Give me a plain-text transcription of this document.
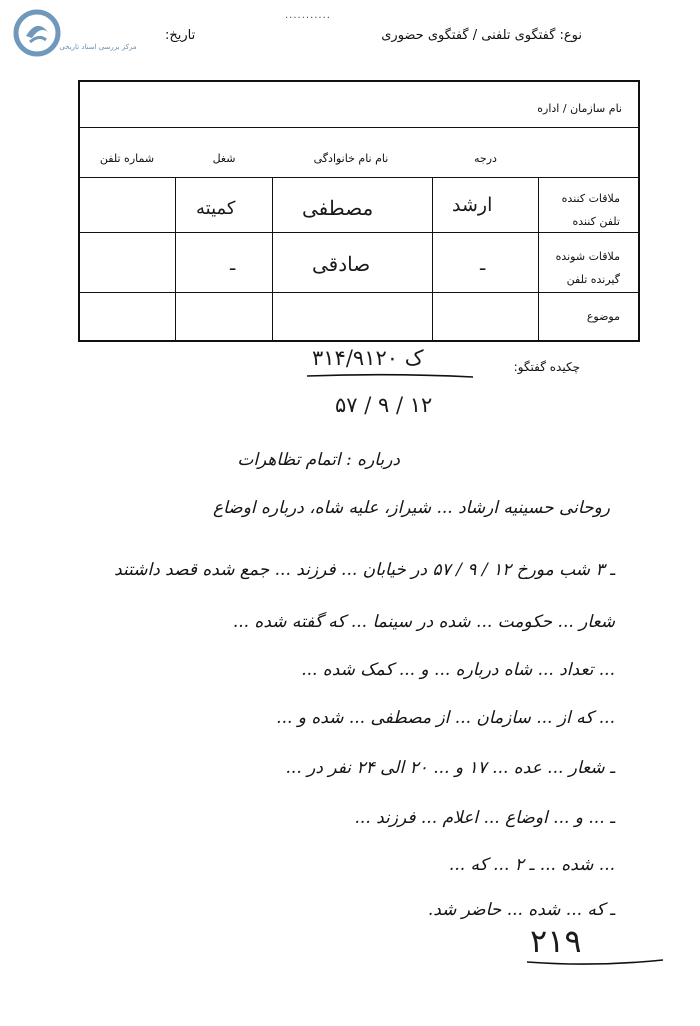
مرکز بررسی اسناد تاریخی
...........
نوع: گفتگوی تلفنی / گفتگوی حضوری
تاریخ:
نام سازمان / اداره
درجه
نام نام خانوادگی
شغل
شماره تلفن
ملاقات کننده
تلفن کننده
ملاقات شونده
گیرنده تلفن
موضوع
ارشد
مصطفی
کمیته
ـ
صادقی
ـ
چکیده گفتگو:
ک ۳۱۴/۹۱۲۰
۱۲ / ۹ / ۵۷
درباره : اتمام تظاهرات
روحانی حسینیه ارشاد ... شیراز، علیه شاه، درباره اوضاع
ـ ۳ شب مورخ ۱۲ / ۹ / ۵۷ در خیابان ... فرزند ... جمع شده قصد داشتند
شعار ... حکومت ... شده در سینما ... که گفته شده ...
... تعداد ... شاه درباره ... و ... کمک شده ...
... که از ... سازمان ... از مصطفی ... شده و ...
ـ شعار ... عده ... ۱۷ و ... ۲۰ الی ۲۴ نفر در ...
ـ ... و ... اوضاع ... اعلام ... فرزند ...
... شده ... ـ ۲ ... که ...
ـ که ... شده ... حاضر شد.
۲۱۹
